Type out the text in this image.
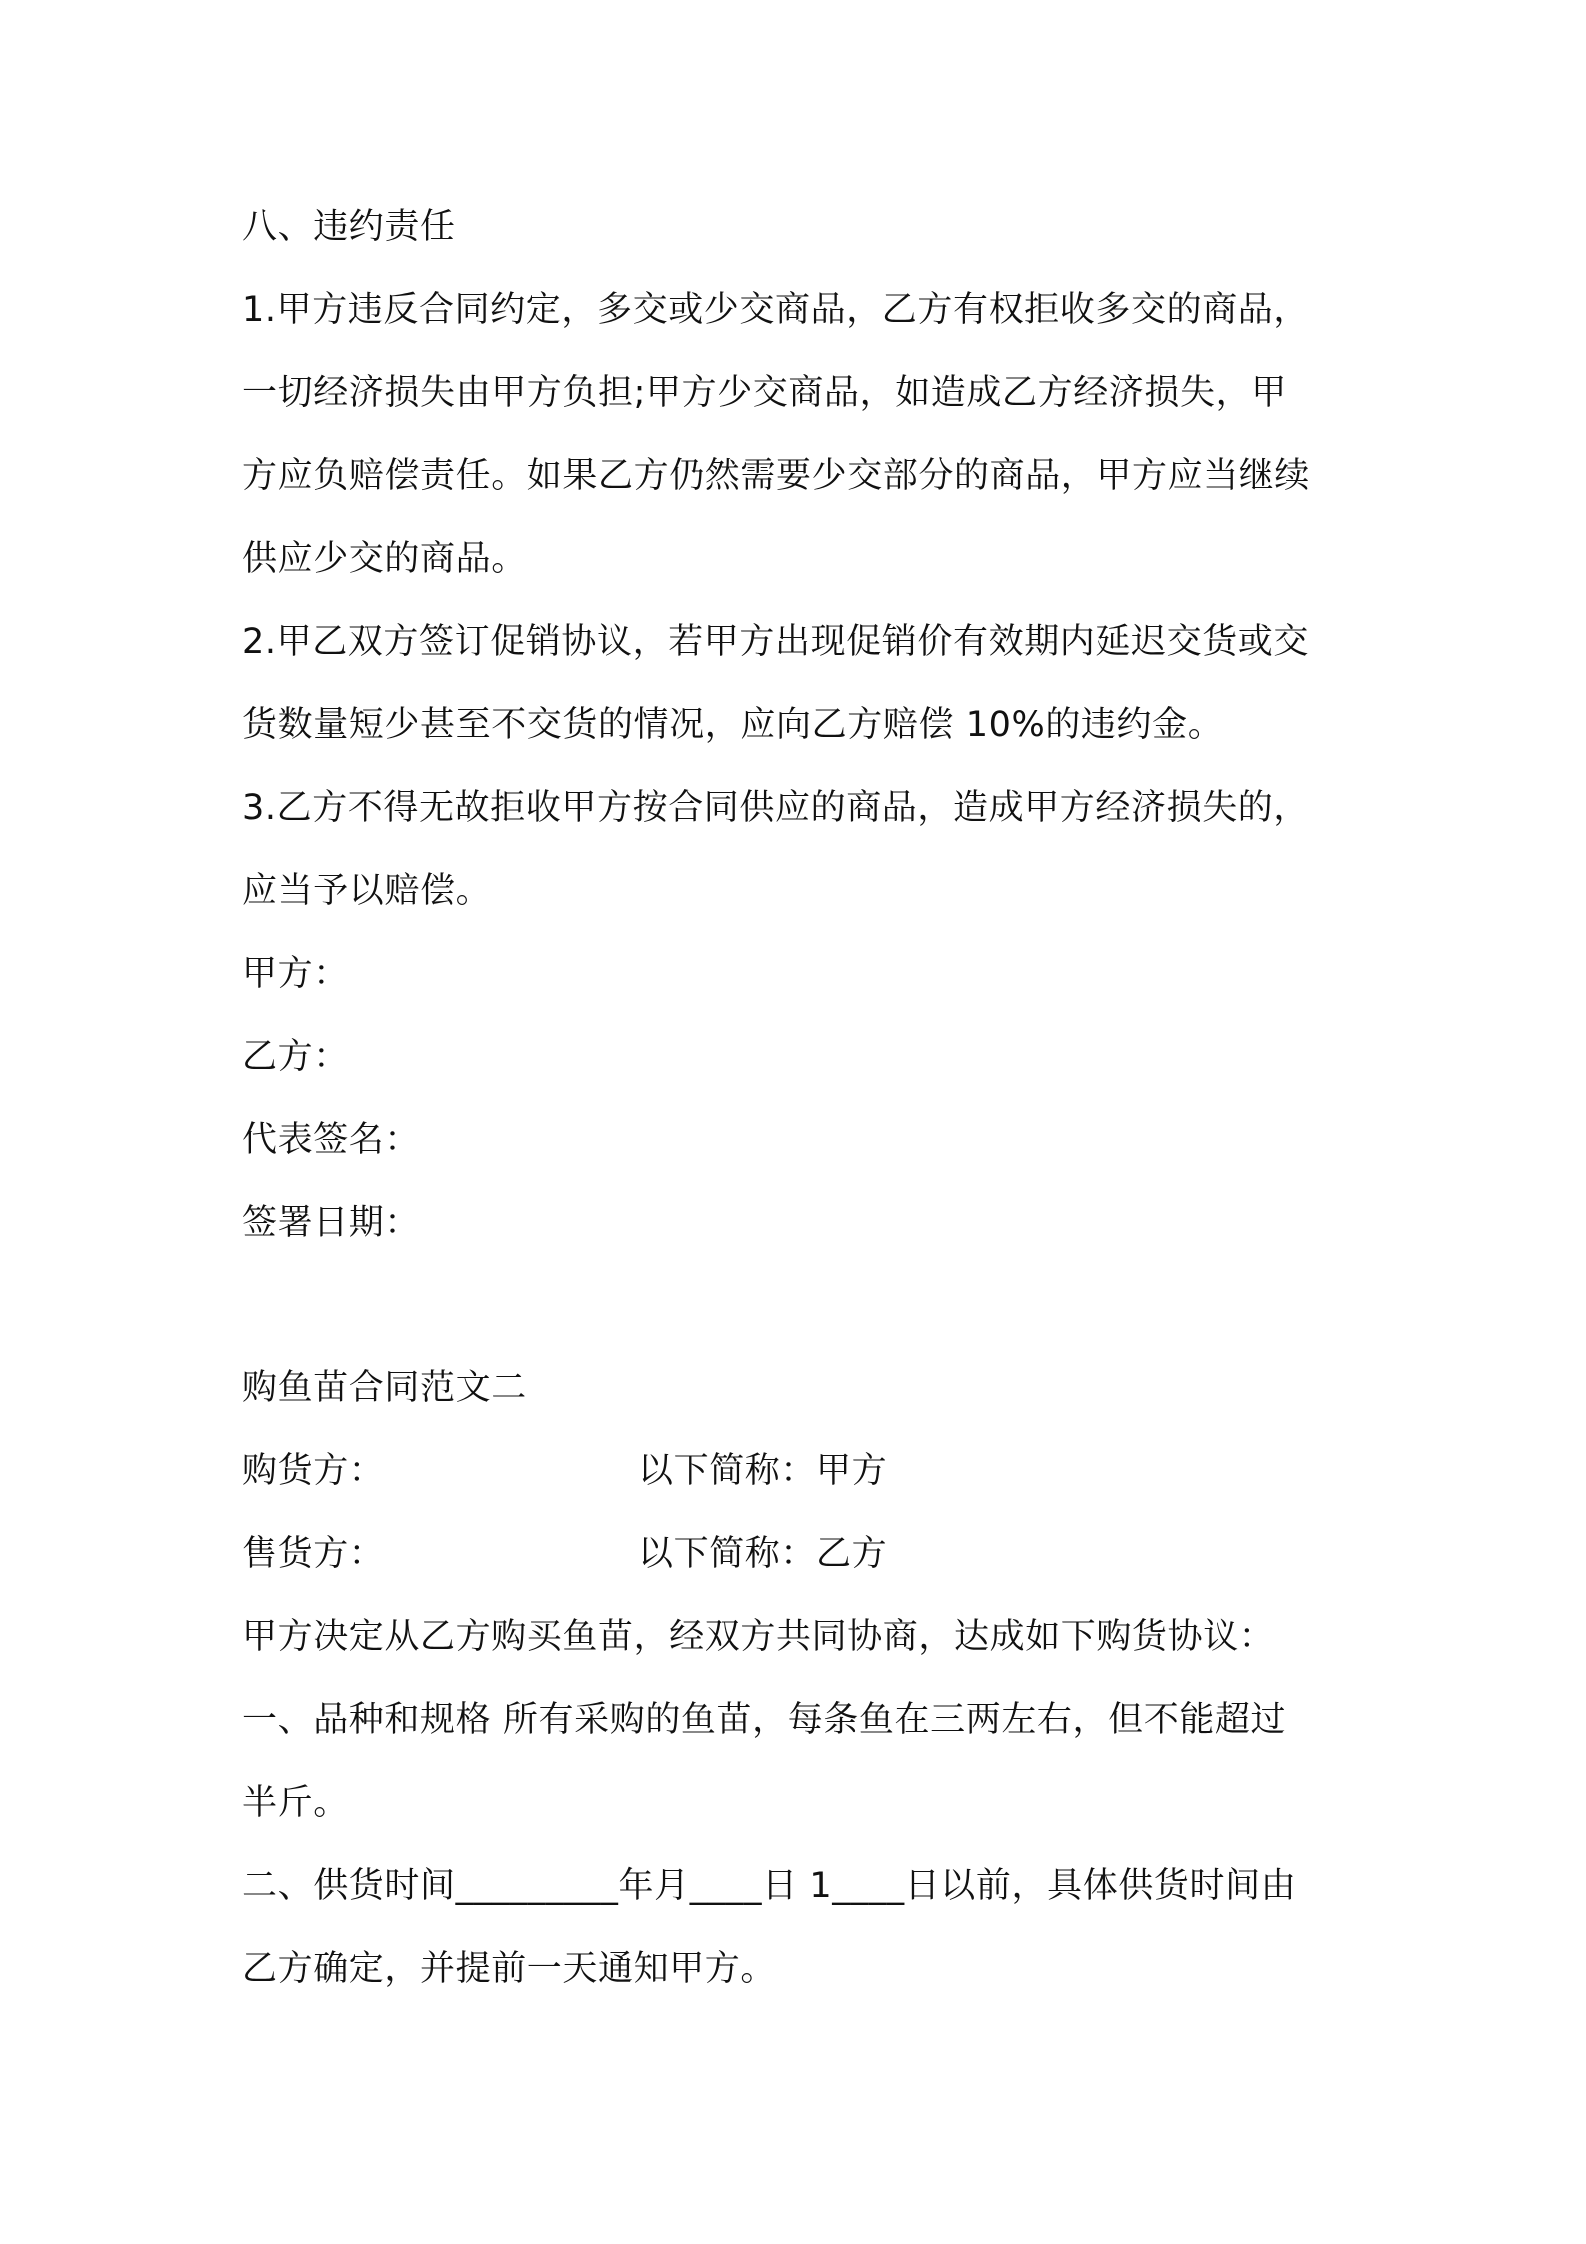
八、违约责任
1.甲方违反合同约定，多交或少交商品，乙方有权拒收多交的商品，
一切经济损失由甲方负担;甲方少交商品，如造成乙方经济损失，甲
方应负赔偿责任。如果乙方仍然需要少交部分的商品，甲方应当继续
供应少交的商品。
2.甲乙双方签订促销协议，若甲方出现促销价有效期内延迟交货或交
货数量短少甚至不交货的情况，应向乙方赔偿 10%的违约金。
3.乙方不得无故拒收甲方按合同供应的商品，造成甲方经济损失的，
应当予以赔偿。
甲方：
乙方：
代表签名：
签署日期：
购鱼苗合同范文二
购货方：	以下简称：甲方
售货方：	以下简称：乙方
甲方决定从乙方购买鱼苗，经双方共同协商，达成如下购货协议：
一、品种和规格 所有采购的鱼苗，每条鱼在三两左右，但不能超过
半斤。
二、供货时间_________年月____日 1____日以前，具体供货时间由
乙方确定，并提前一天通知甲方。
